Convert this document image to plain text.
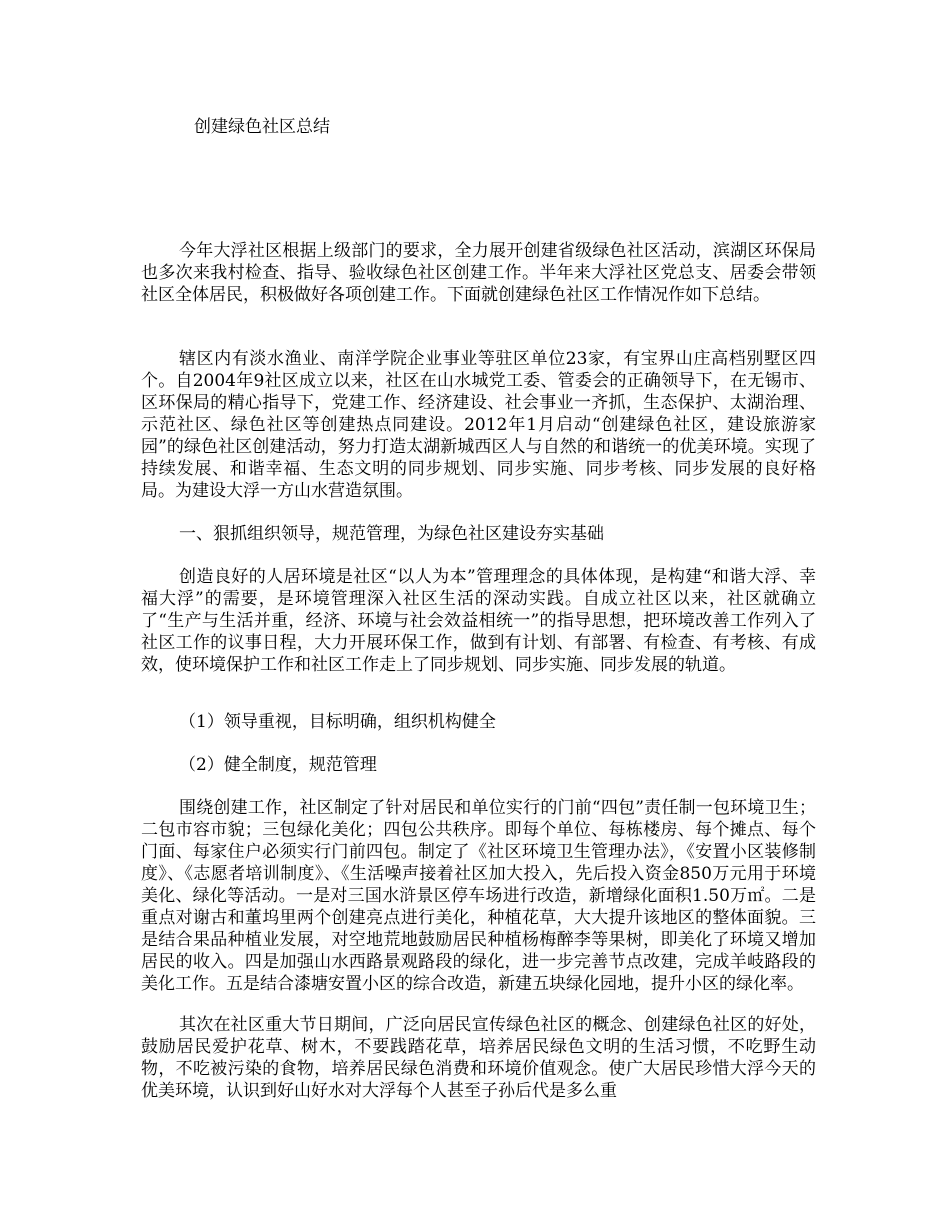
创建绿色社区总结

今年大浮社区根据上级部门的要求，全力展开创建省级绿色社区活动，滨湖区环保局也多次来我村检查、指导、验收绿色社区创建工作。半年来大浮社区党总支、居委会带领社区全体居民，积极做好各项创建工作。下面就创建绿色社区工作情况作如下总结。

辖区内有淡水渔业、南洋学院企业事业等驻区单位23家，有宝界山庄高档别墅区四个。自2004年9社区成立以来，社区在山水城党工委、管委会的正确领导下，在无锡市、区环保局的精心指导下，党建工作、经济建设、社会事业一齐抓，生态保护、太湖治理、示范社区、绿色社区等创建热点同建设。2012年1月启动“创建绿色社区，建设旅游家园”的绿色社区创建活动，努力打造太湖新城西区人与自然的和谐统一的优美环境。实现了持续发展、和谐幸福、生态文明的同步规划、同步实施、同步考核、同步发展的良好格局。为建设大浮一方山水营造氛围。

一、狠抓组织领导，规范管理，为绿色社区建设夯实基础

创造良好的人居环境是社区“以人为本”管理理念的具体体现，是构建“和谐大浮、幸福大浮”的需要，是环境管理深入社区生活的深动实践。自成立社区以来，社区就确立了“生产与生活并重，经济、环境与社会效益相统一”的指导思想，把环境改善工作列入了社区工作的议事日程，大力开展环保工作，做到有计划、有部署、有检查、有考核、有成效，使环境保护工作和社区工作走上了同步规划、同步实施、同步发展的轨道。

（1）领导重视，目标明确，组织机构健全

（2）健全制度，规范管理

围绕创建工作，社区制定了针对居民和单位实行的门前“四包”责任制一包环境卫生；二包市容市貌；三包绿化美化；四包公共秩序。即每个单位、每栋楼房、每个摊点、每个门面、每家住户必须实行门前四包。制定了《社区环境卫生管理办法》，《安置小区装修制度》、《志愿者培训制度》、《生活噪声接着社区加大投入，先后投入资金850万元用于环境美化、绿化等活动。一是对三国水浒景区停车场进行改造，新增绿化面积1.50万㎡。二是重点对谢古和董坞里两个创建亮点进行美化，种植花草，大大提升该地区的整体面貌。三是结合果品种植业发展，对空地荒地鼓励居民种植杨梅醉李等果树，即美化了环境又增加居民的收入。四是加强山水西路景观路段的绿化，进一步完善节点改建，完成羊岐路段的美化工作。五是结合漆塘安置小区的综合改造，新建五块绿化园地，提升小区的绿化率。

其次在社区重大节日期间，广泛向居民宣传绿色社区的概念、创建绿色社区的好处，鼓励居民爱护花草、树木，不要践踏花草，培养居民绿色文明的生活习惯，不吃野生动物，不吃被污染的食物，培养居民绿色消费和环境价值观念。使广大居民珍惜大浮今天的优美环境，认识到好山好水对大浮每个人甚至子孙后代是多么重
